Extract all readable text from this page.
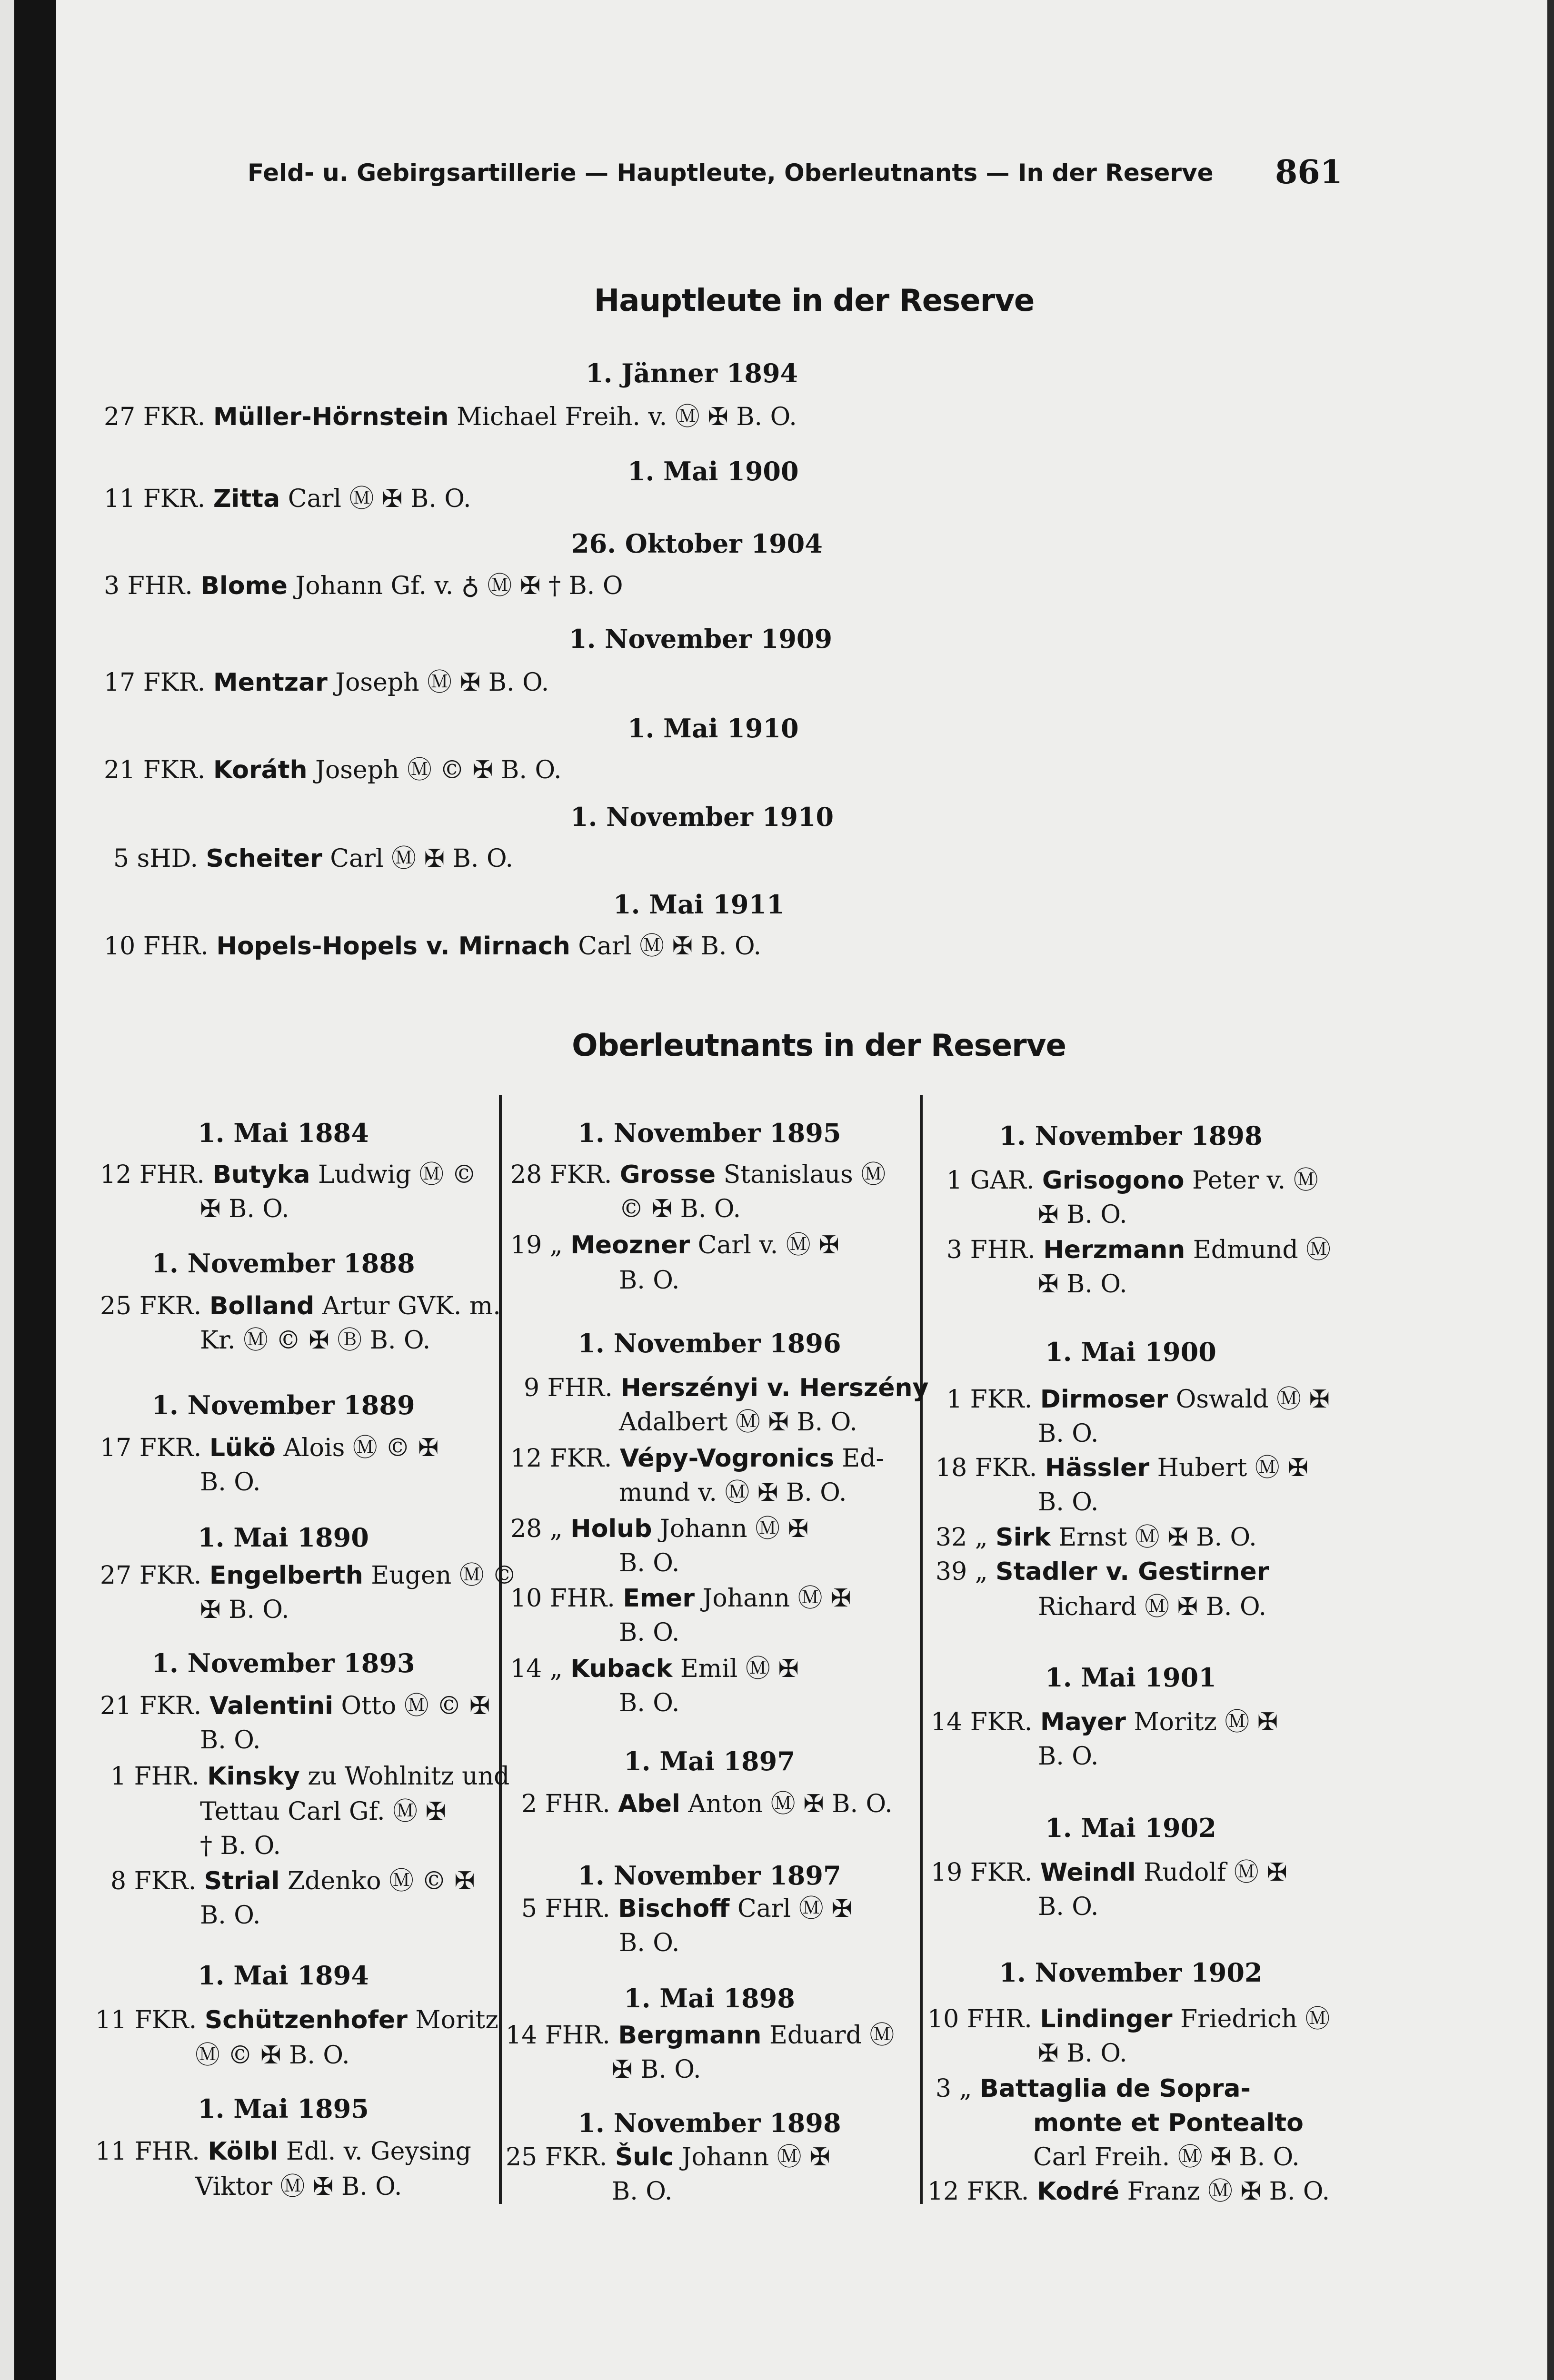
Feld- u. Gebirgsartillerie — Hauptleute, Oberleutnants — In der Reserve 861
Hauptleute in der Reserve
1. Jänner 1894
27 FKR. Müller-Hörnstein Michael Freih. v. Ⓜ ✠ B. O.
1. Mai 1900
11 FKR. Zitta Carl Ⓜ ✠ B. O.
26. Oktober 1904
3 FHR. Blome Johann Gf. v. ♁ Ⓜ ✠ † B. O
1. November 1909
17 FKR. Mentzar Joseph Ⓜ ✠ B. O.
1. Mai 1910
21 FKR. Koráth Joseph Ⓜ © ✠ B. O.
1. November 1910
5 sHD. Scheiter Carl Ⓜ ✠ B. O.
1. Mai 1911
10 FHR. Hopels-Hopels v. Mirnach Carl Ⓜ ✠ B. O.
Oberleutnants in der Reserve
1. Mai 1884
12 FHR. Butyka Ludwig Ⓜ ©
✠ B. O.
1. November 1888
25 FKR. Bolland Artur GVK. m.
Kr. Ⓜ © ✠ Ⓑ B. O.
1. November 1889
17 FKR. Lükö Alois Ⓜ © ✠
B. O.
1. Mai 1890
27 FKR. Engelberth Eugen Ⓜ ©
✠ B. O.
1. November 1893
21 FKR. Valentini Otto Ⓜ © ✠
B. O.
1 FHR. Kinsky zu Wohlnitz und
Tettau Carl Gf. Ⓜ ✠
† B. O.
8 FKR. Strial Zdenko Ⓜ © ✠
B. O.
1. Mai 1894
11 FKR. Schützenhofer Moritz
Ⓜ © ✠ B. O.
1. Mai 1895
11 FHR. Kölbl Edl. v. Geysing
Viktor Ⓜ ✠ B. O.
1. November 1895
28 FKR. Grosse Stanislaus Ⓜ
© ✠ B. O.
19 „ Meozner Carl v. Ⓜ ✠
B. O.
1. November 1896
9 FHR. Herszényi v. Herszény
Adalbert Ⓜ ✠ B. O.
12 FKR. Vépy-Vogronics Ed-
mund v. Ⓜ ✠ B. O.
28 „ Holub Johann Ⓜ ✠
B. O.
10 FHR. Emer Johann Ⓜ ✠
B. O.
14 „ Kuback Emil Ⓜ ✠
B. O.
1. Mai 1897
2 FHR. Abel Anton Ⓜ ✠ B. O.
1. November 1897
5 FHR. Bischoff Carl Ⓜ ✠
B. O.
1. Mai 1898
14 FHR. Bergmann Eduard Ⓜ
✠ B. O.
1. November 1898
25 FKR. Šulc Johann Ⓜ ✠
B. O.
1. November 1898
1 GAR. Grisogono Peter v. Ⓜ
✠ B. O.
3 FHR. Herzmann Edmund Ⓜ
✠ B. O.
1. Mai 1900
1 FKR. Dirmoser Oswald Ⓜ ✠
B. O.
18 FKR. Hässler Hubert Ⓜ ✠
B. O.
32 „ Sirk Ernst Ⓜ ✠ B. O.
39 „ Stadler v. Gestirner
Richard Ⓜ ✠ B. O.
1. Mai 1901
14 FKR. Mayer Moritz Ⓜ ✠
B. O.
1. Mai 1902
19 FKR. Weindl Rudolf Ⓜ ✠
B. O.
1. November 1902
10 FHR. Lindinger Friedrich Ⓜ
✠ B. O.
3 „ Battaglia de Sopra-
monte et Pontealto
Carl Freih. Ⓜ ✠ B. O.
12 FKR. Kodré Franz Ⓜ ✠ B. O.
